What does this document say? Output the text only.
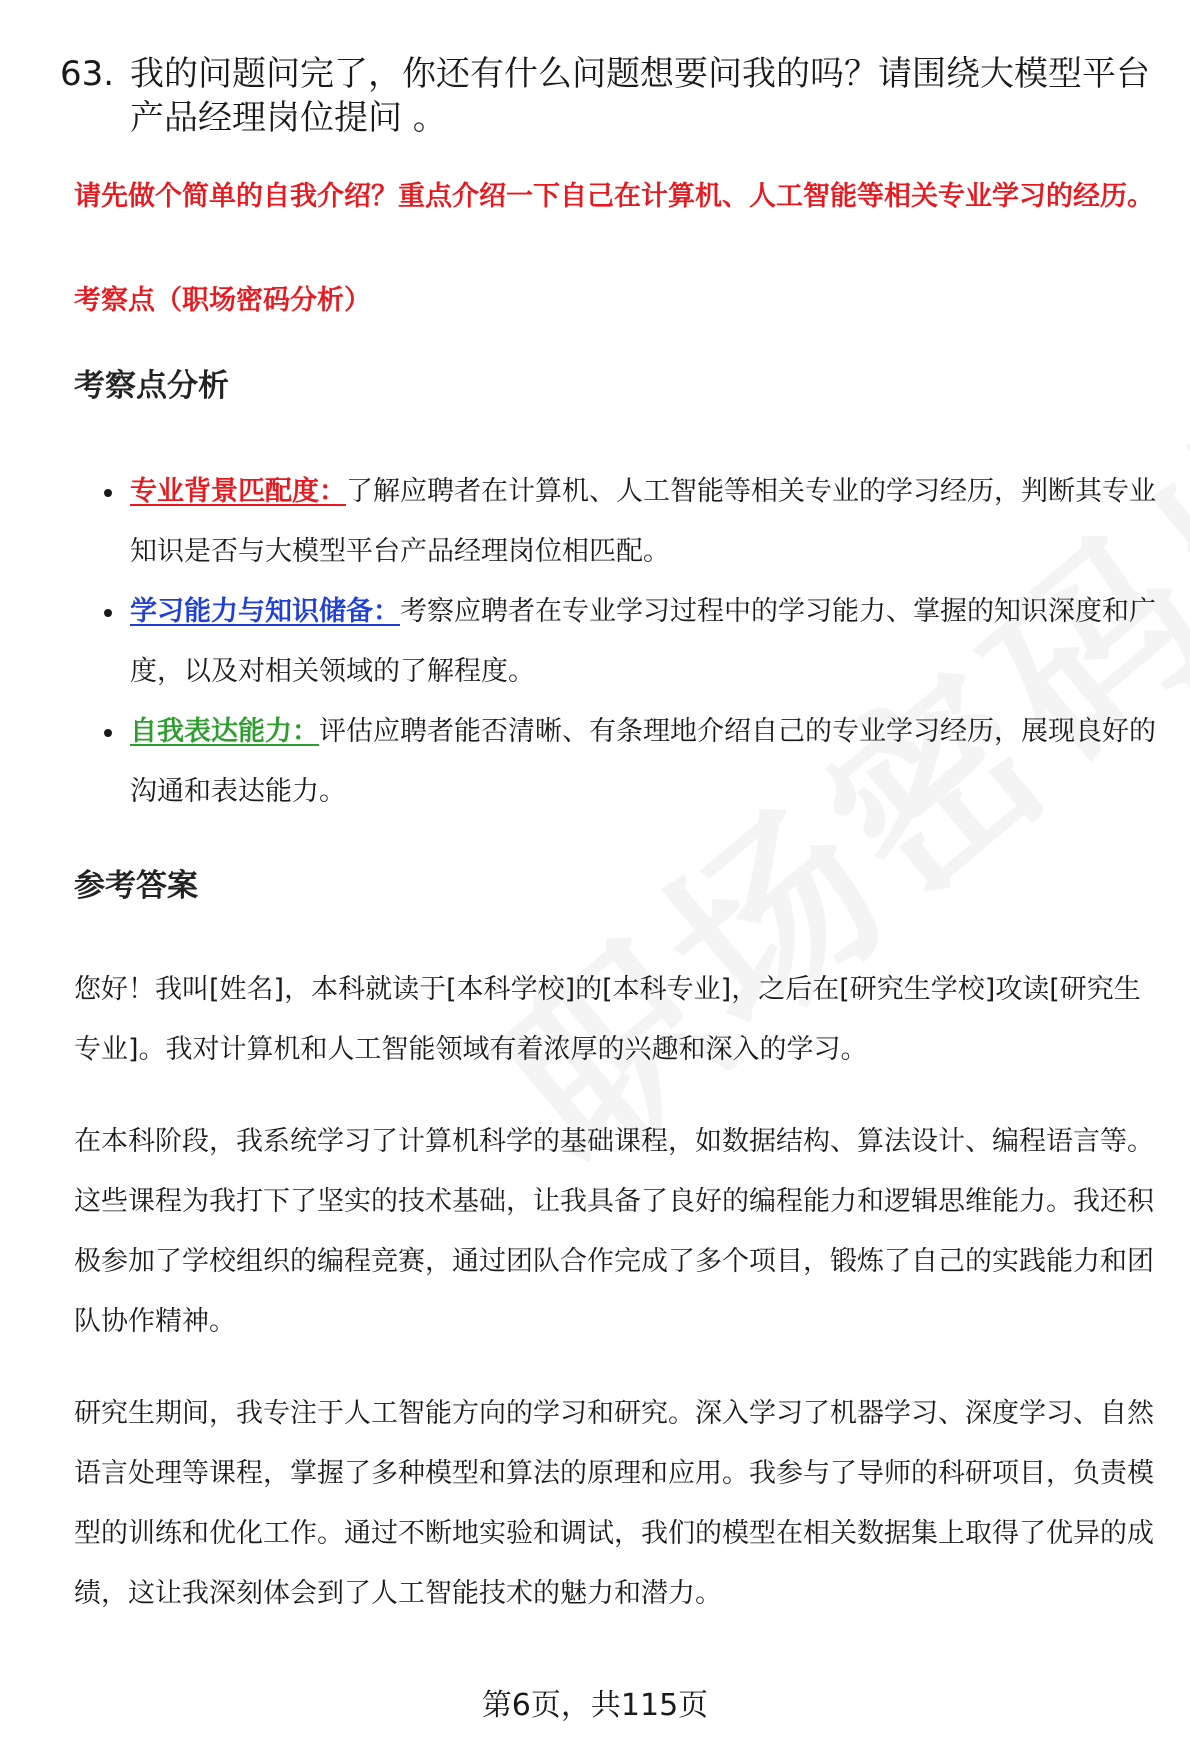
63. 我的问题问完了，你还有什么问题想要问我的吗？请围绕大模型平台产品经理岗位提问 。
请先做个简单的自我介绍？重点介绍一下自己在计算机、人工智能等相关专业学习的经历。
考察点（职场密码分析）
考察点分析
专业背景匹配度：了解应聘者在计算机、人工智能等相关专业的学习经历，判断其专业知识是否与大模型平台产品经理岗位相匹配。
学习能力与知识储备：考察应聘者在专业学习过程中的学习能力、掌握的知识深度和广度，以及对相关领域的了解程度。
自我表达能力：评估应聘者能否清晰、有条理地介绍自己的专业学习经历，展现良好的沟通和表达能力。
参考答案
您好！我叫[姓名]，本科就读于[本科学校]的[本科专业]，之后在[研究生学校]攻读[研究生专业]。我对计算机和人工智能领域有着浓厚的兴趣和深入的学习。
在本科阶段，我系统学习了计算机科学的基础课程，如数据结构、算法设计、编程语言等。这些课程为我打下了坚实的技术基础，让我具备了良好的编程能力和逻辑思维能力。我还积极参加了学校组织的编程竞赛，通过团队合作完成了多个项目，锻炼了自己的实践能力和团队协作精神。
研究生期间，我专注于人工智能方向的学习和研究。深入学习了机器学习、深度学习、自然语言处理等课程，掌握了多种模型和算法的原理和应用。我参与了导师的科研项目，负责模型的训练和优化工作。通过不断地实验和调试，我们的模型在相关数据集上取得了优异的成绩，这让我深刻体会到了人工智能技术的魅力和潜力。
第6页，共115页
